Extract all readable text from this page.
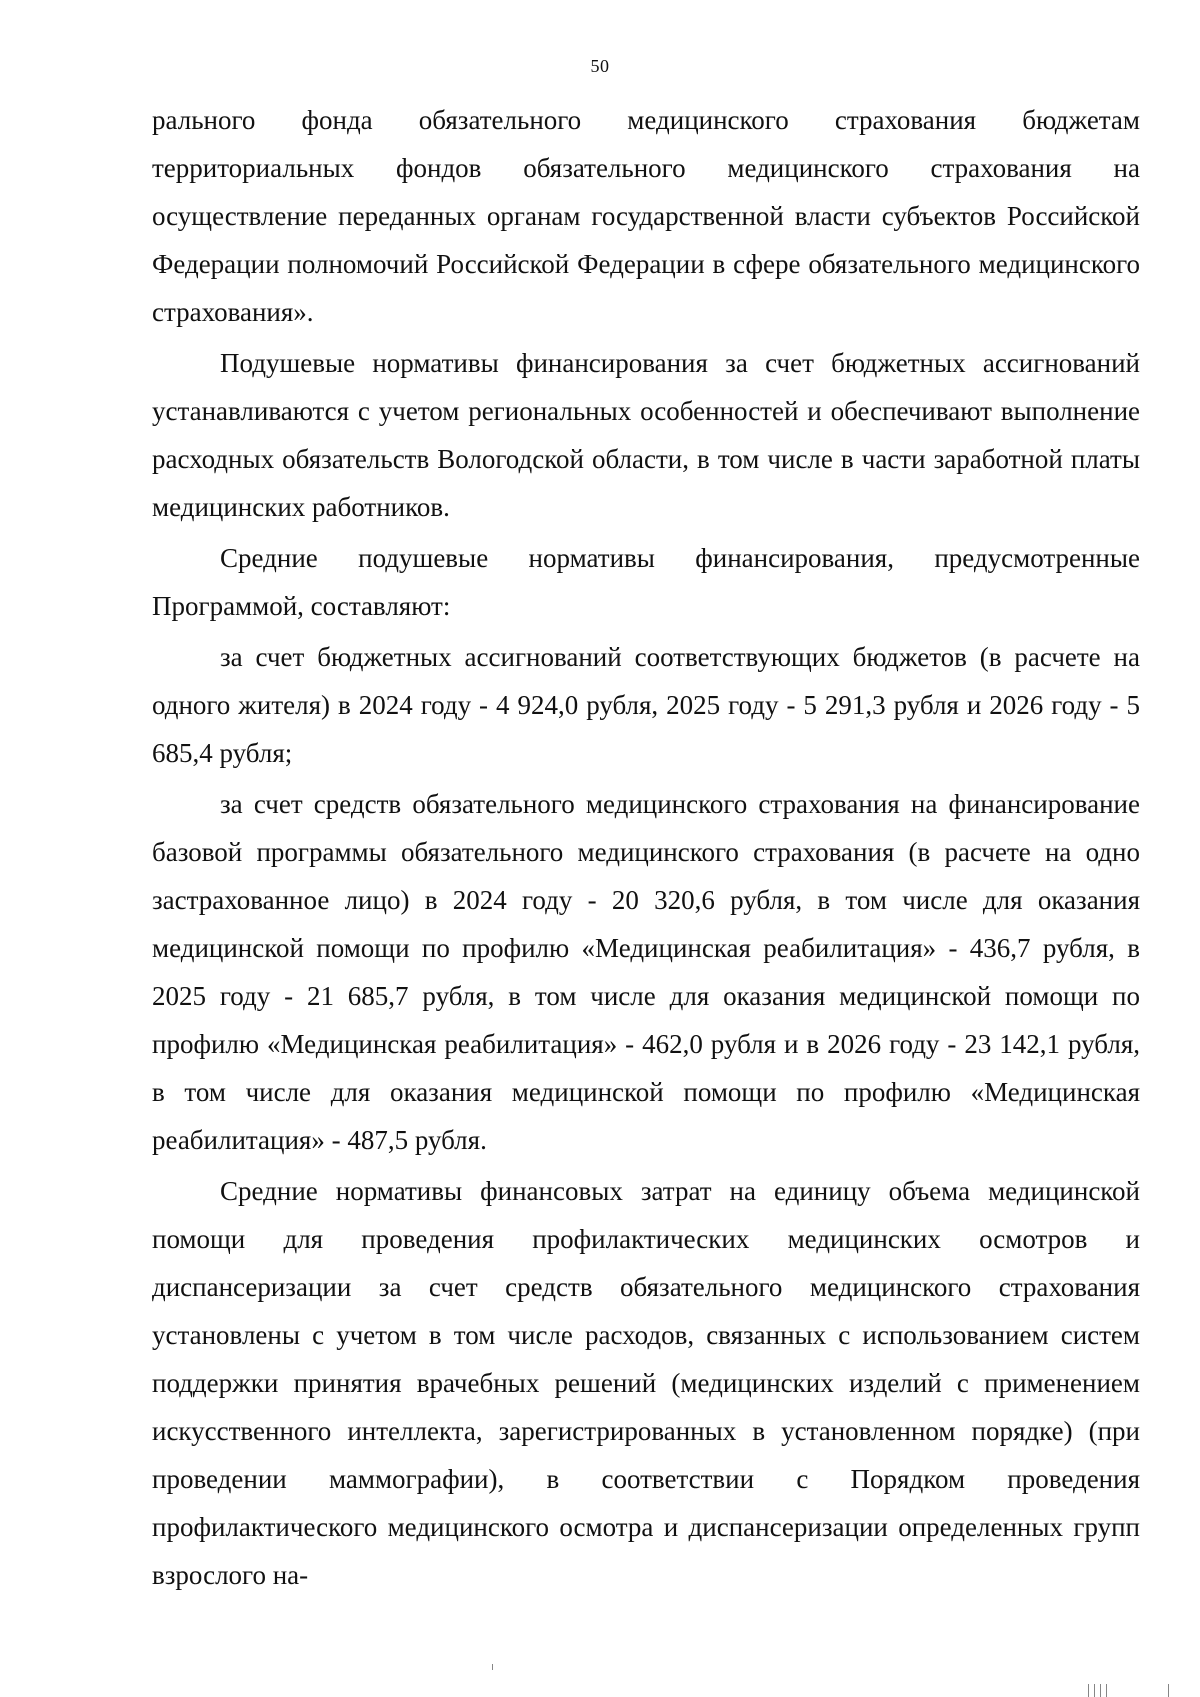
50

рального фонда обязательного медицинского страхования бюджетам территориальных фондов обязательного медицинского страхования на осуществление переданных органам государственной власти субъектов Российской Федерации полномочий Российской Федерации в сфере обязательного медицинского страхования».

Подушевые нормативы финансирования за счет бюджетных ассигнований устанавливаются с учетом региональных особенностей и обеспечивают выполнение расходных обязательств Вологодской области, в том числе в части заработной платы медицинских работников.

Средние подушевые нормативы финансирования, предусмотренные Программой, составляют:

за счет бюджетных ассигнований соответствующих бюджетов (в расчете на одного жителя) в 2024 году - 4 924,0 рубля, 2025 году - 5 291,3 рубля и 2026 году - 5 685,4 рубля;

за счет средств обязательного медицинского страхования на финансирование базовой программы обязательного медицинского страхования (в расчете на одно застрахованное лицо) в 2024 году - 20 320,6 рубля, в том числе для оказания медицинской помощи по профилю «Медицинская реабилитация» - 436,7 рубля, в 2025 году - 21 685,7 рубля, в том числе для оказания медицинской помощи по профилю «Медицинская реабилитация» - 462,0 рубля и в 2026 году - 23 142,1 рубля, в том числе для оказания медицинской помощи по профилю «Медицинская реабилитация» - 487,5 рубля.

Средние нормативы финансовых затрат на единицу объема медицинской помощи для проведения профилактических медицинских осмотров и диспансеризации за счет средств обязательного медицинского страхования установлены с учетом в том числе расходов, связанных с использованием систем поддержки принятия врачебных решений (медицинских изделий с применением искусственного интеллекта, зарегистрированных в установленном порядке) (при проведении маммографии), в соответствии с Порядком проведения профилактического медицинского осмотра и диспансеризации определенных групп взрослого на-
